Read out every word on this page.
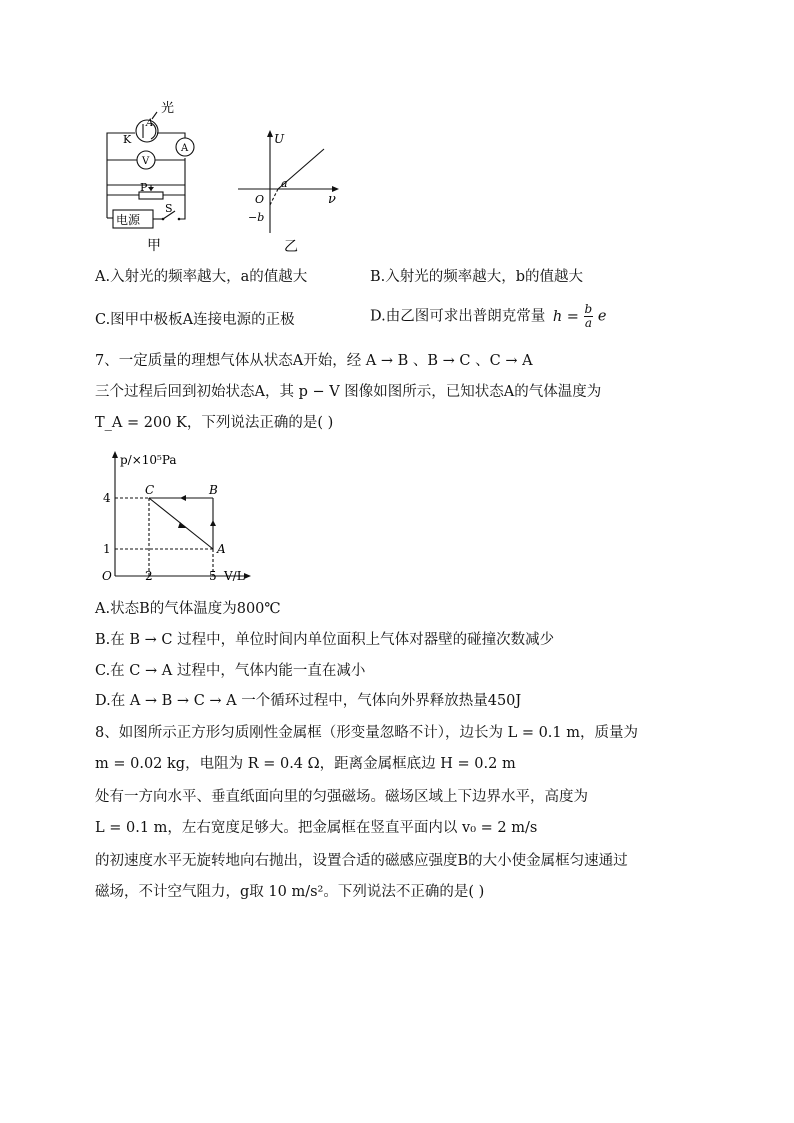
光
A
K
V
A
P
S
电源
甲
U
ν
O
a
−b
乙
A.入射光的频率越大，a的值越大	B.入射光的频率越大，b的值越大
C.图甲中极板A连接电源的正极	D.由乙图可求出普朗克常量 $h = \frac{b}{a}$ e
7、一定质量的理想气体从状态A开始，经 A → B 、B → C 、C → A
三个过程后回到初始状态A，其 p − V 图像如图所示，已知状态A的气体温度为
T_A = 200 K，下列说法正确的是( )
p/×10⁵Pa
V/L
O
4
1
2	5
C	B
A
A.状态B的气体温度为800℃
B.在 B → C 过程中，单位时间内单位面积上气体对器壁的碰撞次数减少
C.在 C → A 过程中，气体内能一直在减小
D.在 A → B → C → A 一个循环过程中，气体向外界释放热量450J
8、如图所示正方形匀质刚性金属框（形变量忽略不计），边长为 L = 0.1 m，质量为
m = 0.02 kg，电阻为 R = 0.4 Ω，距离金属框底边 H = 0.2 m
处有一方向水平、垂直纸面向里的匀强磁场。磁场区域上下边界水平，高度为
L = 0.1 m，左右宽度足够大。把金属框在竖直平面内以 v₀ = 2 m/s
的初速度水平无旋转地向右抛出，设置合适的磁感应强度B的大小使金属框匀速通过
磁场，不计空气阻力，g取 10 m/s²。下列说法不正确的是( )
